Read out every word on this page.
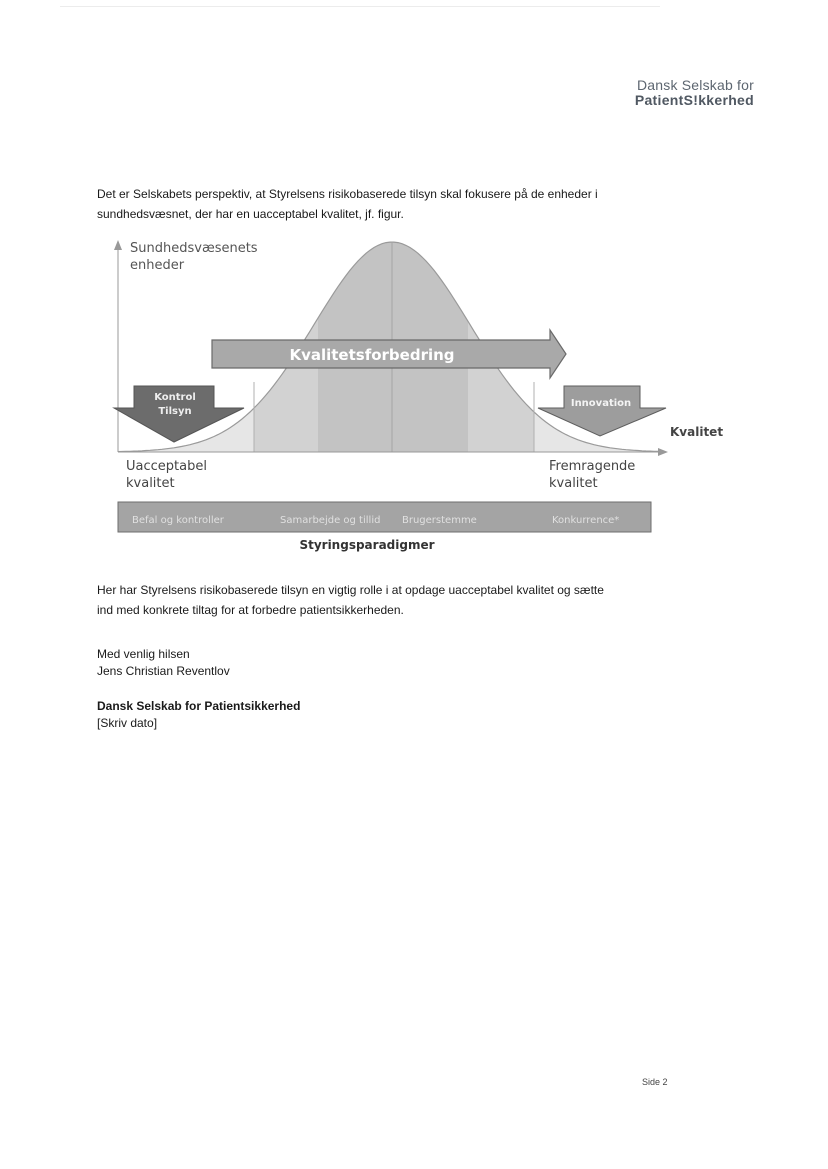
Dansk Selskab for
PatientS!kkerhed
Det er Selskabets perspektiv, at Styrelsens risikobaserede tilsyn skal fokusere på de enheder i
sundhedsvæsnet, der har en uacceptabel kvalitet, jf. figur.
Sundhedsvæsenets
enheder
Kvalitet
Kvalitetsforbedring
Kontrol
Tilsyn
Innovation
Uacceptabel
kvalitet
Fremragende
kvalitet
Befal og kontroller	Samarbejde og tillid Brugerstemme	Konkurrence*
Styringsparadigmer
Her har Styrelsens risikobaserede tilsyn en vigtig rolle i at opdage uacceptabel kvalitet og sætte
ind med konkrete tiltag for at forbedre patientsikkerheden.
Med venlig hilsen
Jens Christian Reventlov
Dansk Selskab for Patientsikkerhed
[Skriv dato]
Side 2
